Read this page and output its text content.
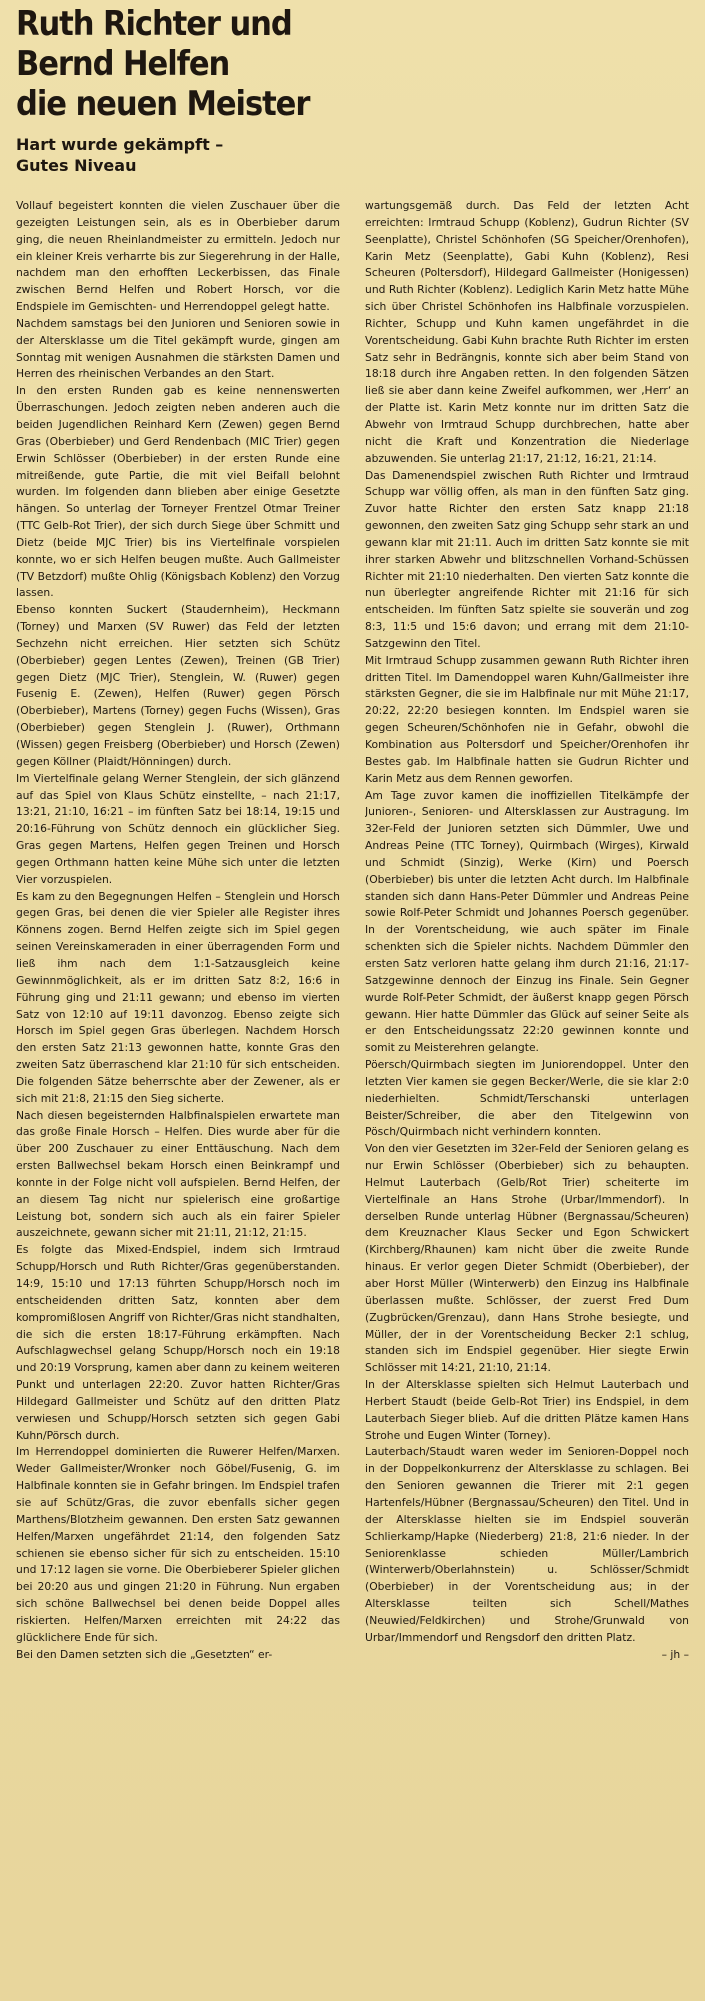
Ruth Richter und
Bernd Helfen
die neuen Meister
Hart wurde gekämpft –
Gutes Niveau

Vollauf begeistert konnten die vielen Zuschauer über die gezeigten Leistungen sein, als es in Oberbieber darum ging, die neuen Rheinlandmeister zu ermitteln. Jedoch nur ein kleiner Kreis verharrte bis zur Siegerehrung in der Halle, nachdem man den erhofften Leckerbissen, das Finale zwischen Bernd Helfen und Robert Horsch, vor die Endspiele im Gemischten- und Herrendoppel gelegt hatte.

Nachdem samstags bei den Junioren und Senioren sowie in der Altersklasse um die Titel gekämpft wurde, gingen am Sonntag mit wenigen Ausnahmen die stärksten Damen und Herren des rheinischen Verbandes an den Start.

In den ersten Runden gab es keine nennenswerten Überraschungen. Jedoch zeigten neben anderen auch die beiden Jugendlichen Reinhard Kern (Zewen) gegen Bernd Gras (Oberbieber) und Gerd Rendenbach (MIC Trier) gegen Erwin Schlösser (Oberbieber) in der ersten Runde eine mitreißende, gute Partie, die mit viel Beifall belohnt wurden. Im folgenden dann blieben aber einige Gesetzte hängen. So unterlag der Torneyer Frentzel Otmar Treiner (TTC Gelb-Rot Trier), der sich durch Siege über Schmitt und Dietz (beide MJC Trier) bis ins Viertelfinale vorspielen konnte, wo er sich Helfen beugen mußte. Auch Gallmeister (TV Betzdorf) mußte Ohlig (Königsbach Koblenz) den Vorzug lassen.

Ebenso konnten Suckert (Staudernheim), Heckmann (Torney) und Marxen (SV Ruwer) das Feld der letzten Sechzehn nicht erreichen. Hier setzten sich Schütz (Oberbieber) gegen Lentes (Zewen), Treinen (GB Trier) gegen Dietz (MJC Trier), Stenglein, W. (Ruwer) gegen Fusenig E. (Zewen), Helfen (Ruwer) gegen Pörsch (Oberbieber), Martens (Torney) gegen Fuchs (Wissen), Gras (Oberbieber) gegen Stenglein J. (Ruwer), Orthmann (Wissen) gegen Freisberg (Oberbieber) und Horsch (Zewen) gegen Köllner (Plaidt/Hönningen) durch.

Im Viertelfinale gelang Werner Stenglein, der sich glänzend auf das Spiel von Klaus Schütz einstellte, – nach 21:17, 13:21, 21:10, 16:21 – im fünften Satz bei 18:14, 19:15 und 20:16-Führung von Schütz dennoch ein glücklicher Sieg. Gras gegen Martens, Helfen gegen Treinen und Horsch gegen Orthmann hatten keine Mühe sich unter die letzten Vier vorzuspielen.

Es kam zu den Begegnungen Helfen – Stenglein und Horsch gegen Gras, bei denen die vier Spieler alle Register ihres Könnens zogen. Bernd Helfen zeigte sich im Spiel gegen seinen Vereinskameraden in einer überragenden Form und ließ ihm nach dem 1:1-Satzausgleich keine Gewinnmöglichkeit, als er im dritten Satz 8:2, 16:6 in Führung ging und 21:11 gewann; und ebenso im vierten Satz von 12:10 auf 19:11 davonzog. Ebenso zeigte sich Horsch im Spiel gegen Gras überlegen. Nachdem Horsch den ersten Satz 21:13 gewonnen hatte, konnte Gras den zweiten Satz überraschend klar 21:10 für sich entscheiden. Die folgenden Sätze beherrschte aber der Zewener, als er sich mit 21:8, 21:15 den Sieg sicherte.

Nach diesen begeisternden Halbfinalspielen erwartete man das große Finale Horsch – Helfen. Dies wurde aber für die über 200 Zuschauer zu einer Enttäuschung. Nach dem ersten Ballwechsel bekam Horsch einen Beinkrampf und konnte in der Folge nicht voll aufspielen. Bernd Helfen, der an diesem Tag nicht nur spielerisch eine großartige Leistung bot, sondern sich auch als ein fairer Spieler auszeichnete, gewann sicher mit 21:11, 21:12, 21:15.

Es folgte das Mixed-Endspiel, indem sich Irmtraud Schupp/Horsch und Ruth Richter/Gras gegenüberstanden. 14:9, 15:10 und 17:13 führten Schupp/Horsch noch im entscheidenden dritten Satz, konnten aber dem kompromißlosen Angriff von Richter/Gras nicht standhalten, die sich die ersten 18:17-Führung erkämpften. Nach Aufschlagwechsel gelang Schupp/Horsch noch ein 19:18 und 20:19 Vorsprung, kamen aber dann zu keinem weiteren Punkt und unterlagen 22:20. Zuvor hatten Richter/Gras Hildegard Gallmeister und Schütz auf den dritten Platz verwiesen und Schupp/Horsch setzten sich gegen Gabi Kuhn/Pörsch durch.

Im Herrendoppel dominierten die Ruwerer Helfen/Marxen. Weder Gallmeister/Wronker noch Göbel/Fusenig, G. im Halbfinale konnten sie in Gefahr bringen. Im Endspiel trafen sie auf Schütz/Gras, die zuvor ebenfalls sicher gegen Marthens/Blotzheim gewannen. Den ersten Satz gewannen Helfen/Marxen ungefährdet 21:14, den folgenden Satz schienen sie ebenso sicher für sich zu entscheiden. 15:10 und 17:12 lagen sie vorne. Die Oberbieberer Spieler glichen bei 20:20 aus und gingen 21:20 in Führung. Nun ergaben sich schöne Ballwechsel bei denen beide Doppel alles riskierten. Helfen/Marxen erreichten mit 24:22 das glücklichere Ende für sich.

Bei den Damen setzten sich die „Gesetzten“ er-

wartungsgemäß durch. Das Feld der letzten Acht erreichten: Irmtraud Schupp (Koblenz), Gudrun Richter (SV Seenplatte), Christel Schönhofen (SG Speicher/Orenhofen), Karin Metz (Seenplatte), Gabi Kuhn (Koblenz), Resi Scheuren (Poltersdorf), Hildegard Gallmeister (Honigessen) und Ruth Richter (Koblenz). Lediglich Karin Metz hatte Mühe sich über Christel Schönhofen ins Halbfinale vorzuspielen. Richter, Schupp und Kuhn kamen ungefährdet in die Vorentscheidung. Gabi Kuhn brachte Ruth Richter im ersten Satz sehr in Bedrängnis, konnte sich aber beim Stand von 18:18 durch ihre Angaben retten. In den folgenden Sätzen ließ sie aber dann keine Zweifel aufkommen, wer ‚Herr‘ an der Platte ist. Karin Metz konnte nur im dritten Satz die Abwehr von Irmtraud Schupp durchbrechen, hatte aber nicht die Kraft und Konzentration die Niederlage abzuwenden. Sie unterlag 21:17, 21:12, 16:21, 21:14.

Das Damenendspiel zwischen Ruth Richter und Irmtraud Schupp war völlig offen, als man in den fünften Satz ging. Zuvor hatte Richter den ersten Satz knapp 21:18 gewonnen, den zweiten Satz ging Schupp sehr stark an und gewann klar mit 21:11. Auch im dritten Satz konnte sie mit ihrer starken Abwehr und blitzschnellen Vorhand-Schüssen Richter mit 21:10 niederhalten. Den vierten Satz konnte die nun überlegter angreifende Richter mit 21:16 für sich entscheiden. Im fünften Satz spielte sie souverän und zog 8:3, 11:5 und 15:6 davon; und errang mit dem 21:10-Satzgewinn den Titel.

Mit Irmtraud Schupp zusammen gewann Ruth Richter ihren dritten Titel. Im Damendoppel waren Kuhn/Gallmeister ihre stärksten Gegner, die sie im Halbfinale nur mit Mühe 21:17, 20:22, 22:20 besiegen konnten. Im Endspiel waren sie gegen Scheuren/Schönhofen nie in Gefahr, obwohl die Kombination aus Poltersdorf und Speicher/Orenhofen ihr Bestes gab. Im Halbfinale hatten sie Gudrun Richter und Karin Metz aus dem Rennen geworfen.

Am Tage zuvor kamen die inoffiziellen Titelkämpfe der Junioren-, Senioren- und Altersklassen zur Austragung. Im 32er-Feld der Junioren setzten sich Dümmler, Uwe und Andreas Peine (TTC Torney), Quirmbach (Wirges), Kirwald und Schmidt (Sinzig), Werke (Kirn) und Poersch (Oberbieber) bis unter die letzten Acht durch. Im Halbfinale standen sich dann Hans-Peter Dümmler und Andreas Peine sowie Rolf-Peter Schmidt und Johannes Poersch gegenüber. In der Vorentscheidung, wie auch später im Finale schenkten sich die Spieler nichts. Nachdem Dümmler den ersten Satz verloren hatte gelang ihm durch 21:16, 21:17-Satzgewinne dennoch der Einzug ins Finale. Sein Gegner wurde Rolf-Peter Schmidt, der äußerst knapp gegen Pörsch gewann. Hier hatte Dümmler das Glück auf seiner Seite als er den Entscheidungssatz 22:20 gewinnen konnte und somit zu Meisterehren gelangte.

Pöersch/Quirmbach siegten im Juniorendoppel. Unter den letzten Vier kamen sie gegen Becker/Werle, die sie klar 2:0 niederhielten. Schmidt/Terschanski unterlagen Beister/Schreiber, die aber den Titelgewinn von Pösch/Quirmbach nicht verhindern konnten.

Von den vier Gesetzten im 32er-Feld der Senioren gelang es nur Erwin Schlösser (Oberbieber) sich zu behaupten. Helmut Lauterbach (Gelb/Rot Trier) scheiterte im Viertelfinale an Hans Strohe (Urbar/Immendorf). In derselben Runde unterlag Hübner (Bergnassau/Scheuren) dem Kreuznacher Klaus Secker und Egon Schwickert (Kirchberg/Rhaunen) kam nicht über die zweite Runde hinaus. Er verlor gegen Dieter Schmidt (Oberbieber), der aber Horst Müller (Winterwerb) den Einzug ins Halbfinale überlassen mußte. Schlösser, der zuerst Fred Dum (Zugbrücken/Grenzau), dann Hans Strohe besiegte, und Müller, der in der Vorentscheidung Becker 2:1 schlug, standen sich im Endspiel gegenüber. Hier siegte Erwin Schlösser mit 14:21, 21:10, 21:14.

In der Altersklasse spielten sich Helmut Lauterbach und Herbert Staudt (beide Gelb-Rot Trier) ins Endspiel, in dem Lauterbach Sieger blieb. Auf die dritten Plätze kamen Hans Strohe und Eugen Winter (Torney).

Lauterbach/Staudt waren weder im Senioren-Doppel noch in der Doppelkonkurrenz der Altersklasse zu schlagen. Bei den Senioren gewannen die Trierer mit 2:1 gegen Hartenfels/Hübner (Bergnassau/Scheuren) den Titel. Und in der Altersklasse hielten sie im Endspiel souverän Schlierkamp/Hapke (Niederberg) 21:8, 21:6 nieder. In der Seniorenklasse schieden Müller/Lambrich (Winterwerb/Oberlahnstein) u. Schlösser/Schmidt (Oberbieber) in der Vorentscheidung aus; in der Altersklasse teilten sich Schell/Mathes (Neuwied/Feldkirchen) und Strohe/Grunwald von Urbar/Immendorf und Rengsdorf den dritten Platz.

– jh –
